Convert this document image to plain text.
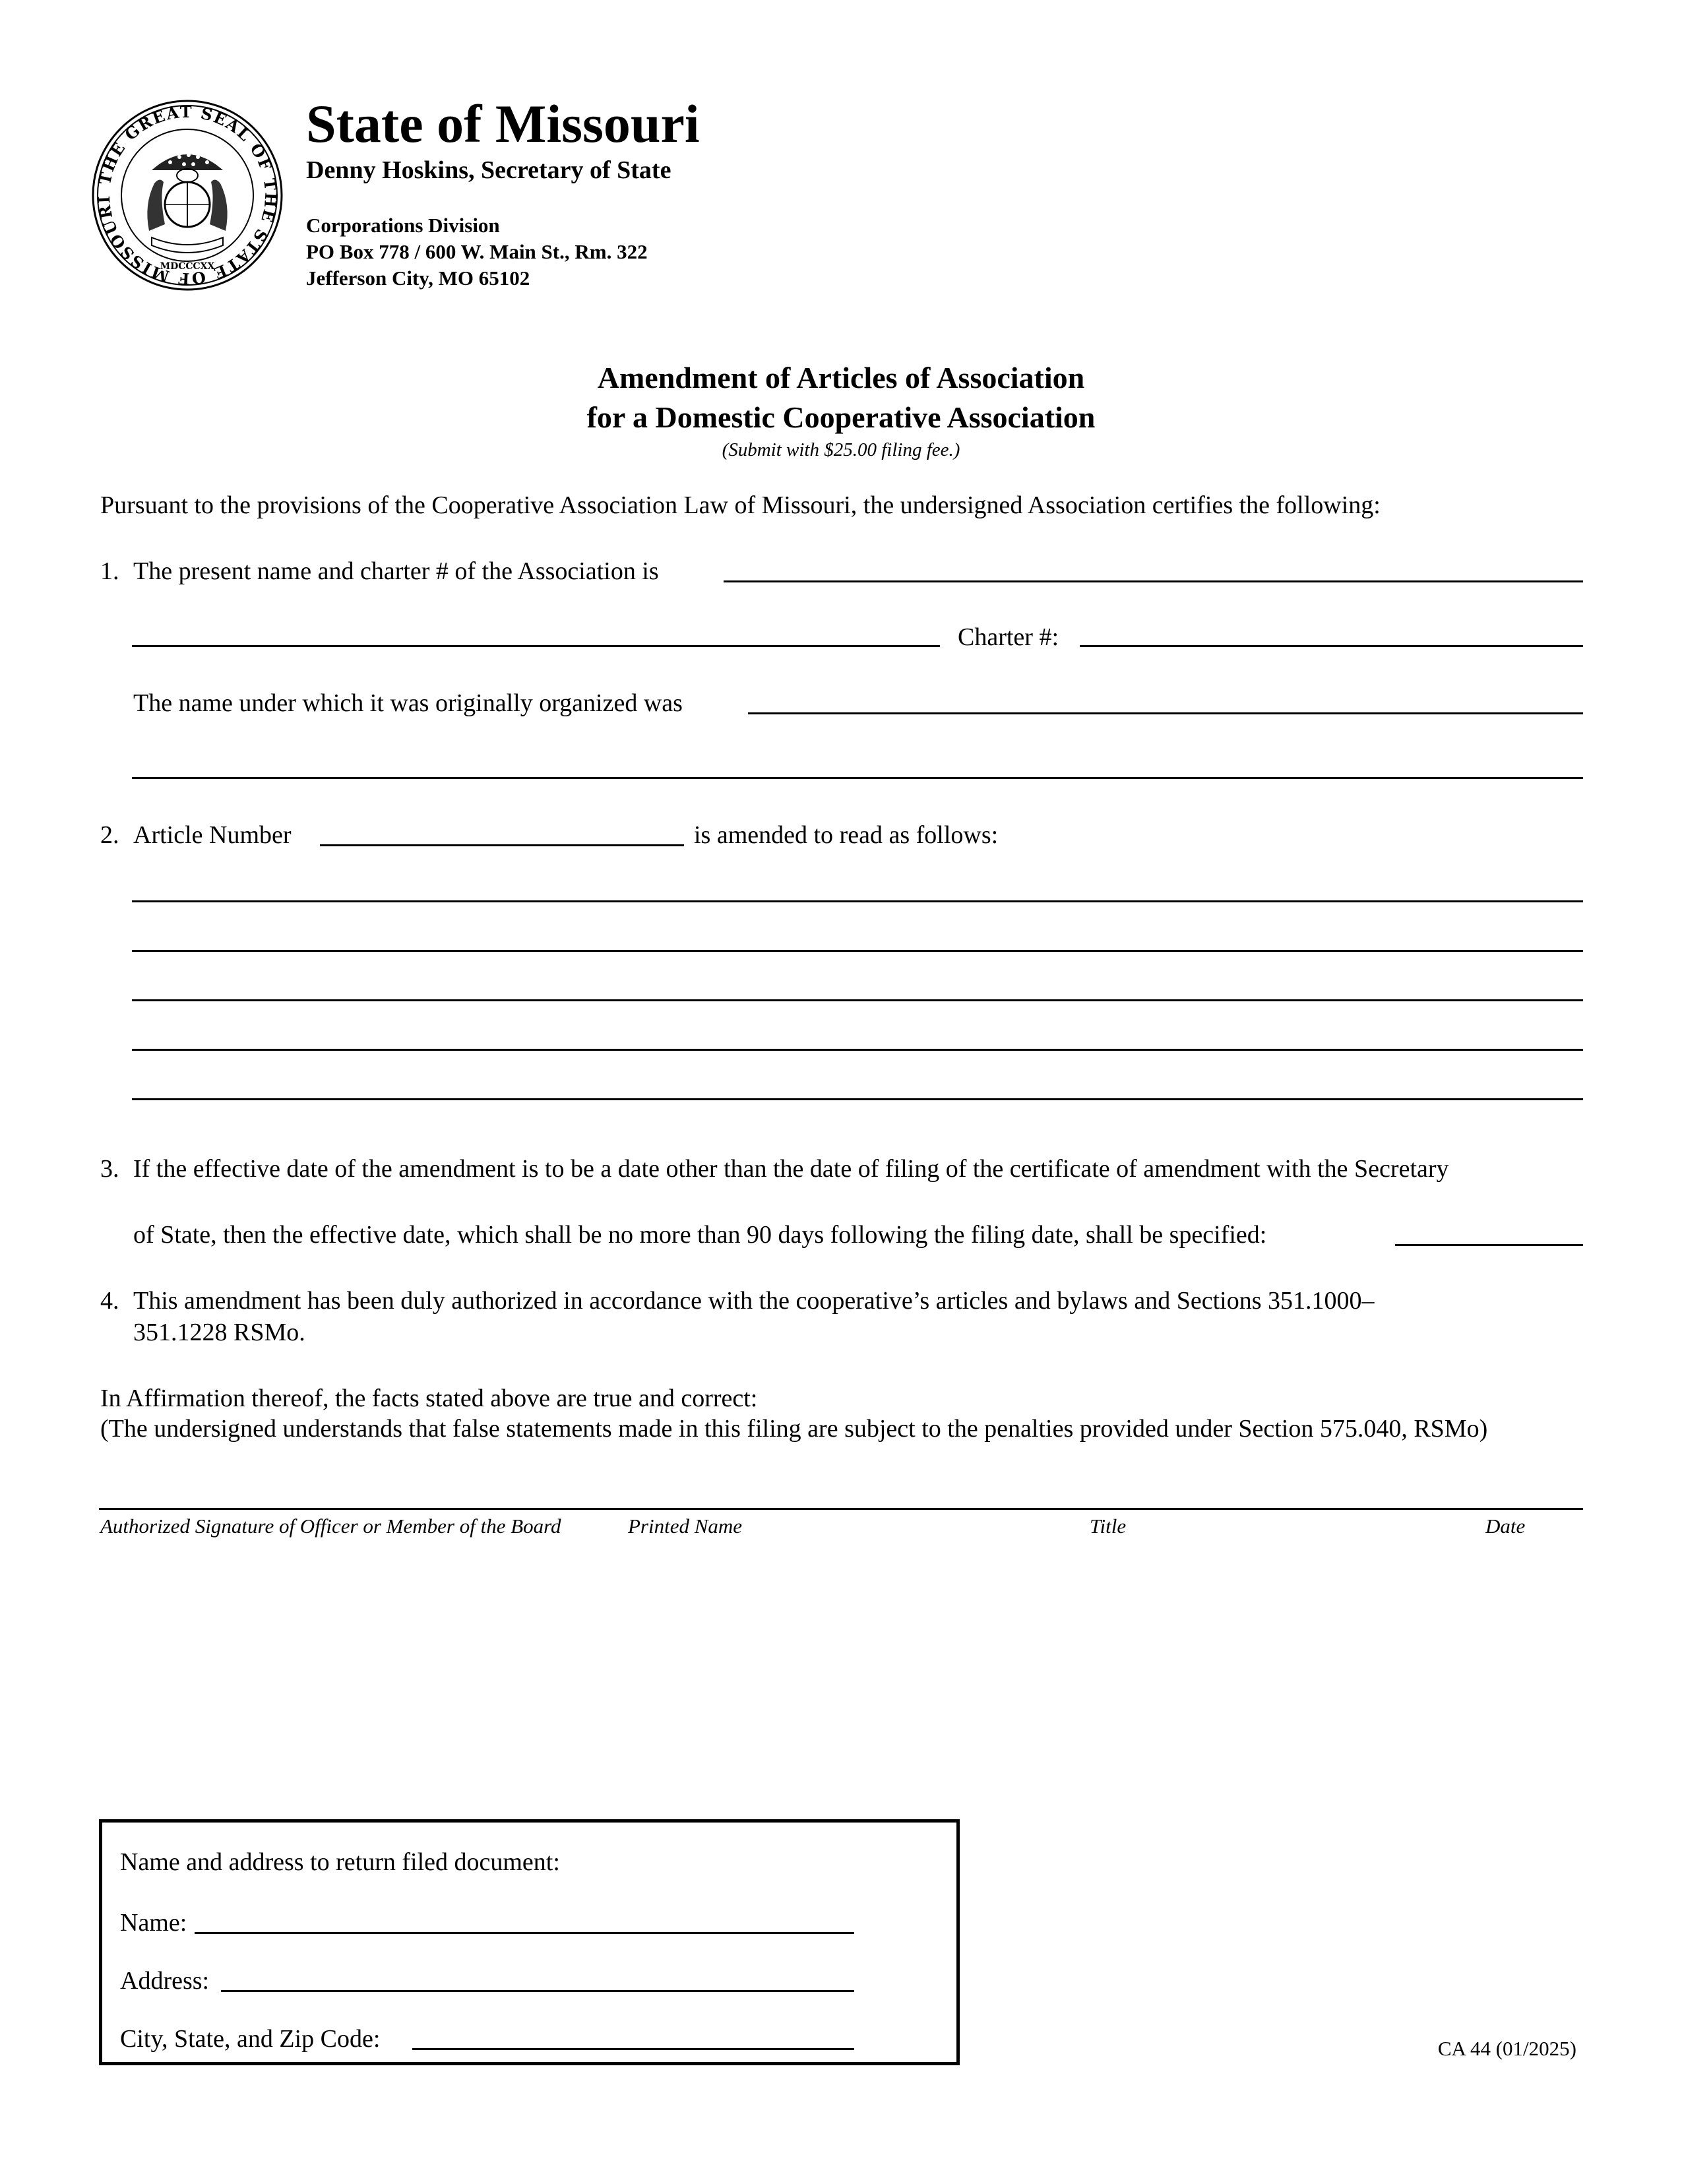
THE GREAT SEAL OF THE STATE OF MISSOURI
MDCCCXX
State of Missouri
Denny Hoskins, Secretary of State
Corporations Division
PO Box 778 / 600 W. Main St., Rm. 322
Jefferson City, MO 65102
Amendment of Articles of Association
for a Domestic Cooperative Association
(Submit with $25.00 filing fee.)
Pursuant to the provisions of the Cooperative Association Law of Missouri, the undersigned Association certifies the following:
1. The present name and charter # of the Association is
Charter #:
The name under which it was originally organized was
2. Article Number	is amended to read as follows:
3. If the effective date of the amendment is to be a date other than the date of filing of the certificate of amendment with the Secretary
of State, then the effective date, which shall be no more than 90 days following the filing date, shall be specified:
4. This amendment has been duly authorized in accordance with the cooperative’s articles and bylaws and Sections 351.1000–
351.1228 RSMo.
In Affirmation thereof, the facts stated above are true and correct:
(The undersigned understands that false statements made in this filing are subject to the penalties provided under Section 575.040, RSMo)
Authorized Signature of Officer or Member of the Board	Printed Name	Title	Date
Name and address to return filed document:
Name:
Address:
City, State, and Zip Code:	CA 44 (01/2025)
